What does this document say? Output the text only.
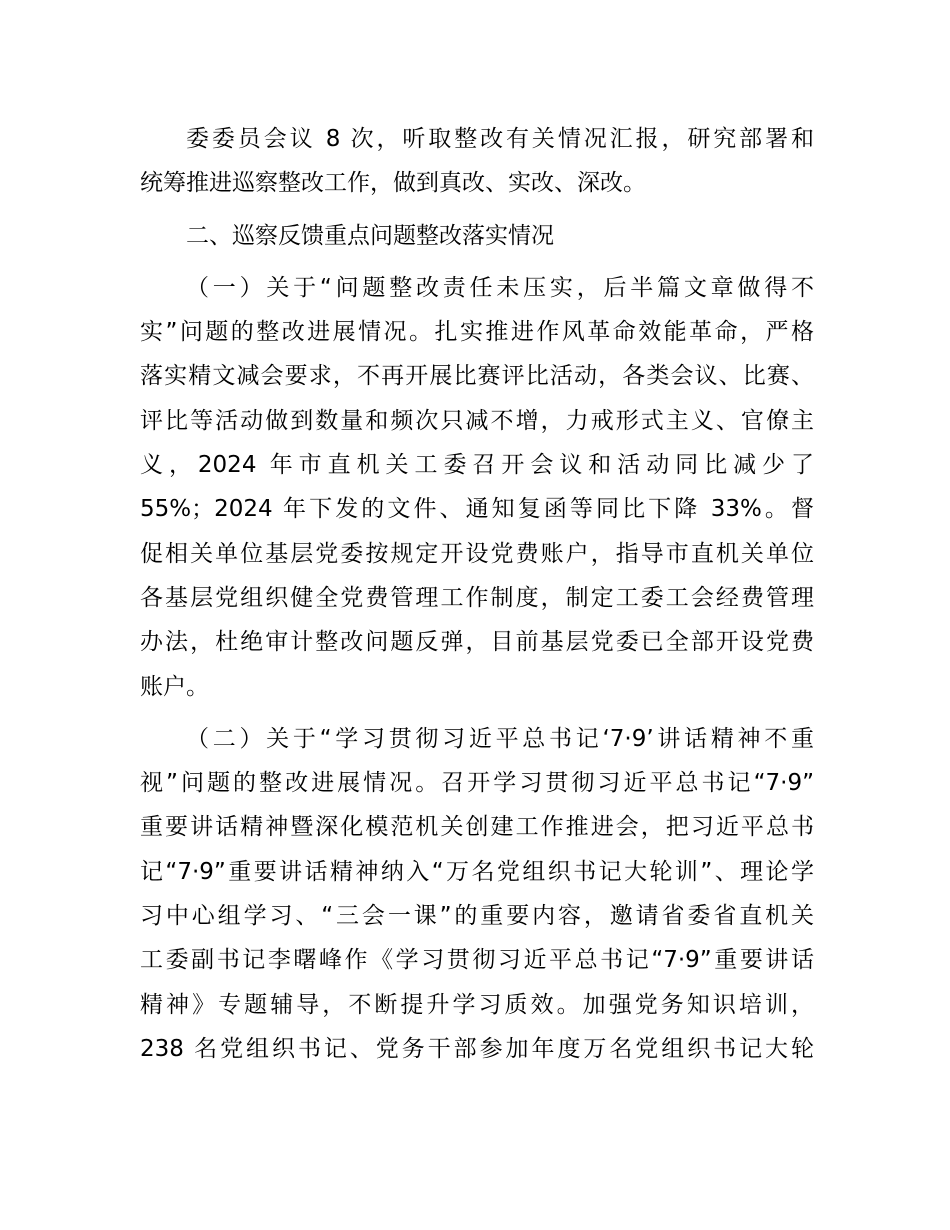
委委员会议 8 次，听取整改有关情况汇报，研究部署和
统筹推进巡察整改工作，做到真改、实改、深改。
二、巡察反馈重点问题整改落实情况
（一）关于“问题整改责任未压实，后半篇文章做得不
实”问题的整改进展情况。扎实推进作风革命效能革命，严格
落实精文减会要求，不再开展比赛评比活动，各类会议、比赛、
评比等活动做到数量和频次只减不增，力戒形式主义、官僚主
义，2024 年市直机关工委召开会议和活动同比减少了
55%；2024 年下发的文件、通知复函等同比下降 33%。督
促相关单位基层党委按规定开设党费账户，指导市直机关单位
各基层党组织健全党费管理工作制度，制定工委工会经费管理
办法，杜绝审计整改问题反弹，目前基层党委已全部开设党费
账户。
（二）关于“学习贯彻习近平总书记‘7·9’讲话精神不重
视”问题的整改进展情况。召开学习贯彻习近平总书记“7·9”
重要讲话精神暨深化模范机关创建工作推进会，把习近平总书
记“7·9”重要讲话精神纳入“万名党组织书记大轮训”、理论学
习中心组学习、“三会一课”的重要内容，邀请省委省直机关
工委副书记李曙峰作《学习贯彻习近平总书记“7·9”重要讲话
精神》专题辅导，不断提升学习质效。加强党务知识培训，
238 名党组织书记、党务干部参加年度万名党组织书记大轮
